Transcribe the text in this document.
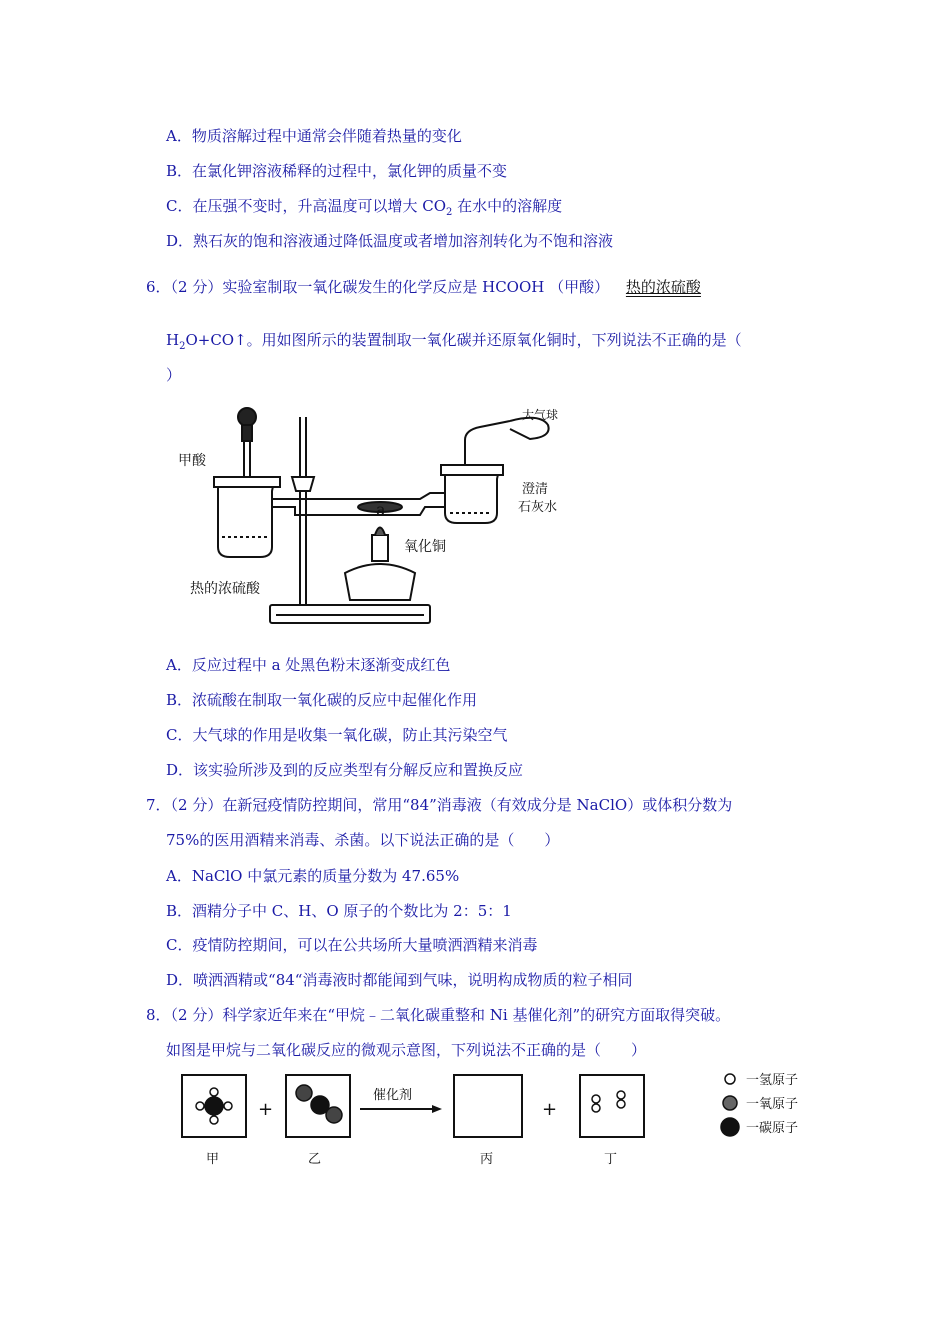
A．物质溶解过程中通常会伴随着热量的变化
B．在氯化钾溶液稀释的过程中，氯化钾的质量不变
C．在压强不变时，升高温度可以增大 $CO_2$ 在水中的溶解度
D．熟石灰的饱和溶液通过降低温度或者增加溶剂转化为不饱和溶液
6．（2 分）实验室制取一氧化碳发生的化学反应是 HCOOH （甲酸） 热的浓硫酸
$H_2O+CO↑$。用如图所示的装置制取一氧化碳并还原氧化铜时，下列说法不正确的是（
）
甲酸
大气球
澄清
石灰水
a
氧化铜
热的浓硫酸
A．反应过程中 a 处黑色粉末逐渐变成红色
B．浓硫酸在制取一氧化碳的反应中起催化作用
C．大气球的作用是收集一氧化碳，防止其污染空气
D．该实验所涉及到的反应类型有分解反应和置换反应
7．（2 分）在新冠疫情防控期间，常用“84”消毒液（有效成分是 NaClO）或体积分数为
75%的医用酒精来消毒、杀菌。以下说法正确的是（　　）
A．NaClO 中氯元素的质量分数为 47.65%
B．酒精分子中 C、H、O 原子的个数比为 2：5：1
C．疫情防控期间，可以在公共场所大量喷洒酒精来消毒
D．喷洒酒精或“84“消毒液时都能闻到气味，说明构成物质的粒子相同
8．（2 分）科学家近年来在“甲烷﹣二氧化碳重整和 Ni 基催化剂”的研究方面取得突破。
如图是甲烷与二氧化碳反应的微观示意图，下列说法不正确的是（　　）
催化剂
+	+
甲	乙	丙	丁
一氢原子
一氧原子
一碳原子
